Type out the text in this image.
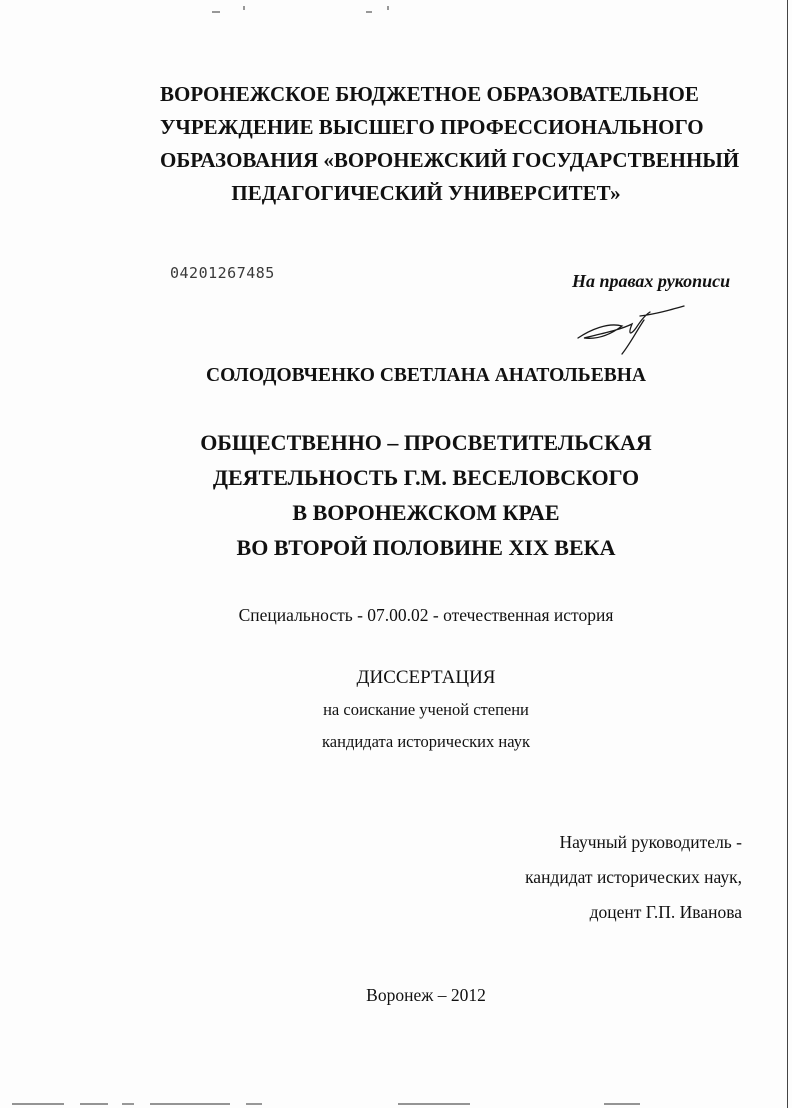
ВОРОНЕЖСКОЕ БЮДЖЕТНОЕ ОБРАЗОВАТЕЛЬНОЕ
УЧРЕЖДЕНИЕ ВЫСШЕГО ПРОФЕССИОНАЛЬНОГО
ОБРАЗОВАНИЯ «ВОРОНЕЖСКИЙ ГОСУДАРСТВЕННЫЙ
ПЕДАГОГИЧЕСКИЙ УНИВЕРСИТЕТ»
04201267485	На правах рукописи
СОЛОДОВЧЕНКО СВЕТЛАНА АНАТОЛЬЕВНА
ОБЩЕСТВЕННО – ПРОСВЕТИТЕЛЬСКАЯ
ДЕЯТЕЛЬНОСТЬ Г.М. ВЕСЕЛОВСКОГО
В ВОРОНЕЖСКОМ КРАЕ
ВО ВТОРОЙ ПОЛОВИНЕ XIX ВЕКА
Специальность - 07.00.02 - отечественная история
ДИССЕРТАЦИЯ
на соискание ученой степени
кандидата исторических наук
Научный руководитель -
кандидат исторических наук,
доцент Г.П. Иванова
Воронеж – 2012
